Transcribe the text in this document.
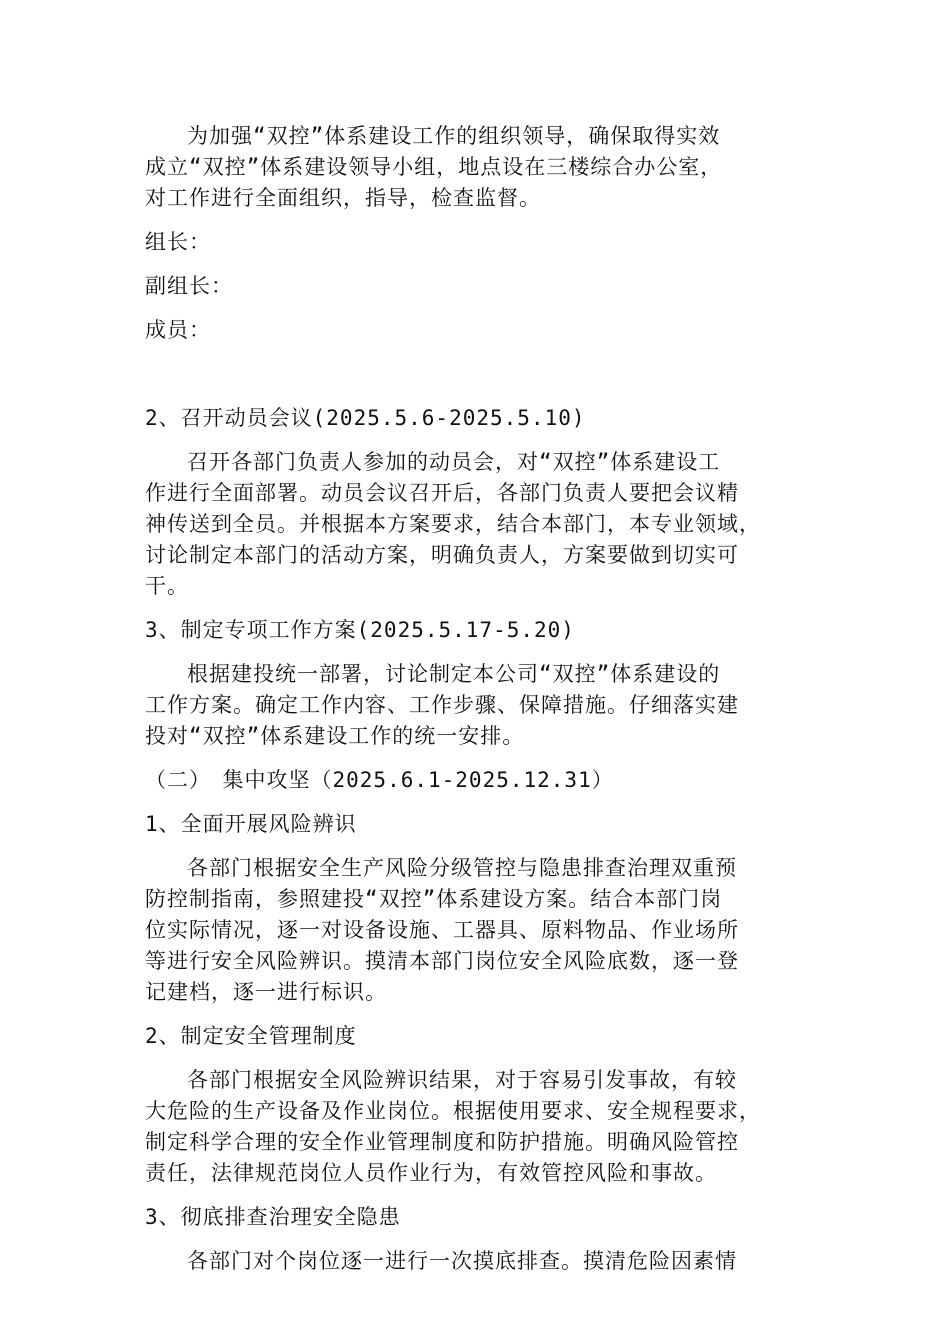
为加强“双控”体系建设工作的组织领导，确保取得实效
成立“双控”体系建设领导小组，地点设在三楼综合办公室，
对工作进行全面组织，指导，检查监督。
组长：
副组长：
成员：
2、召开动员会议(2025.5.6-2025.5.10)
召开各部门负责人参加的动员会，对“双控”体系建设工
作进行全面部署。动员会议召开后，各部门负责人要把会议精
神传送到全员。并根据本方案要求，结合本部门，本专业领域，
讨论制定本部门的活动方案，明确负责人，方案要做到切实可
干。
3、制定专项工作方案(2025.5.17-5.20)
根据建投统一部署，讨论制定本公司“双控”体系建设的
工作方案。确定工作内容、工作步骤、保障措施。仔细落实建
投对“双控”体系建设工作的统一安排。
（二）　集中攻坚（2025.6.1-2025.12.31）
1、全面开展风险辨识
各部门根据安全生产风险分级管控与隐患排查治理双重预
防控制指南，参照建投“双控”体系建设方案。结合本部门岗
位实际情况，逐一对设备设施、工器具、原料物品、作业场所
等进行安全风险辨识。摸清本部门岗位安全风险底数，逐一登
记建档，逐一进行标识。
2、制定安全管理制度
各部门根据安全风险辨识结果，对于容易引发事故，有较
大危险的生产设备及作业岗位。根据使用要求、安全规程要求，
制定科学合理的安全作业管理制度和防护措施。明确风险管控
责任，法律规范岗位人员作业行为，有效管控风险和事故。
3、彻底排查治理安全隐患
各部门对个岗位逐一进行一次摸底排查。摸清危险因素情
